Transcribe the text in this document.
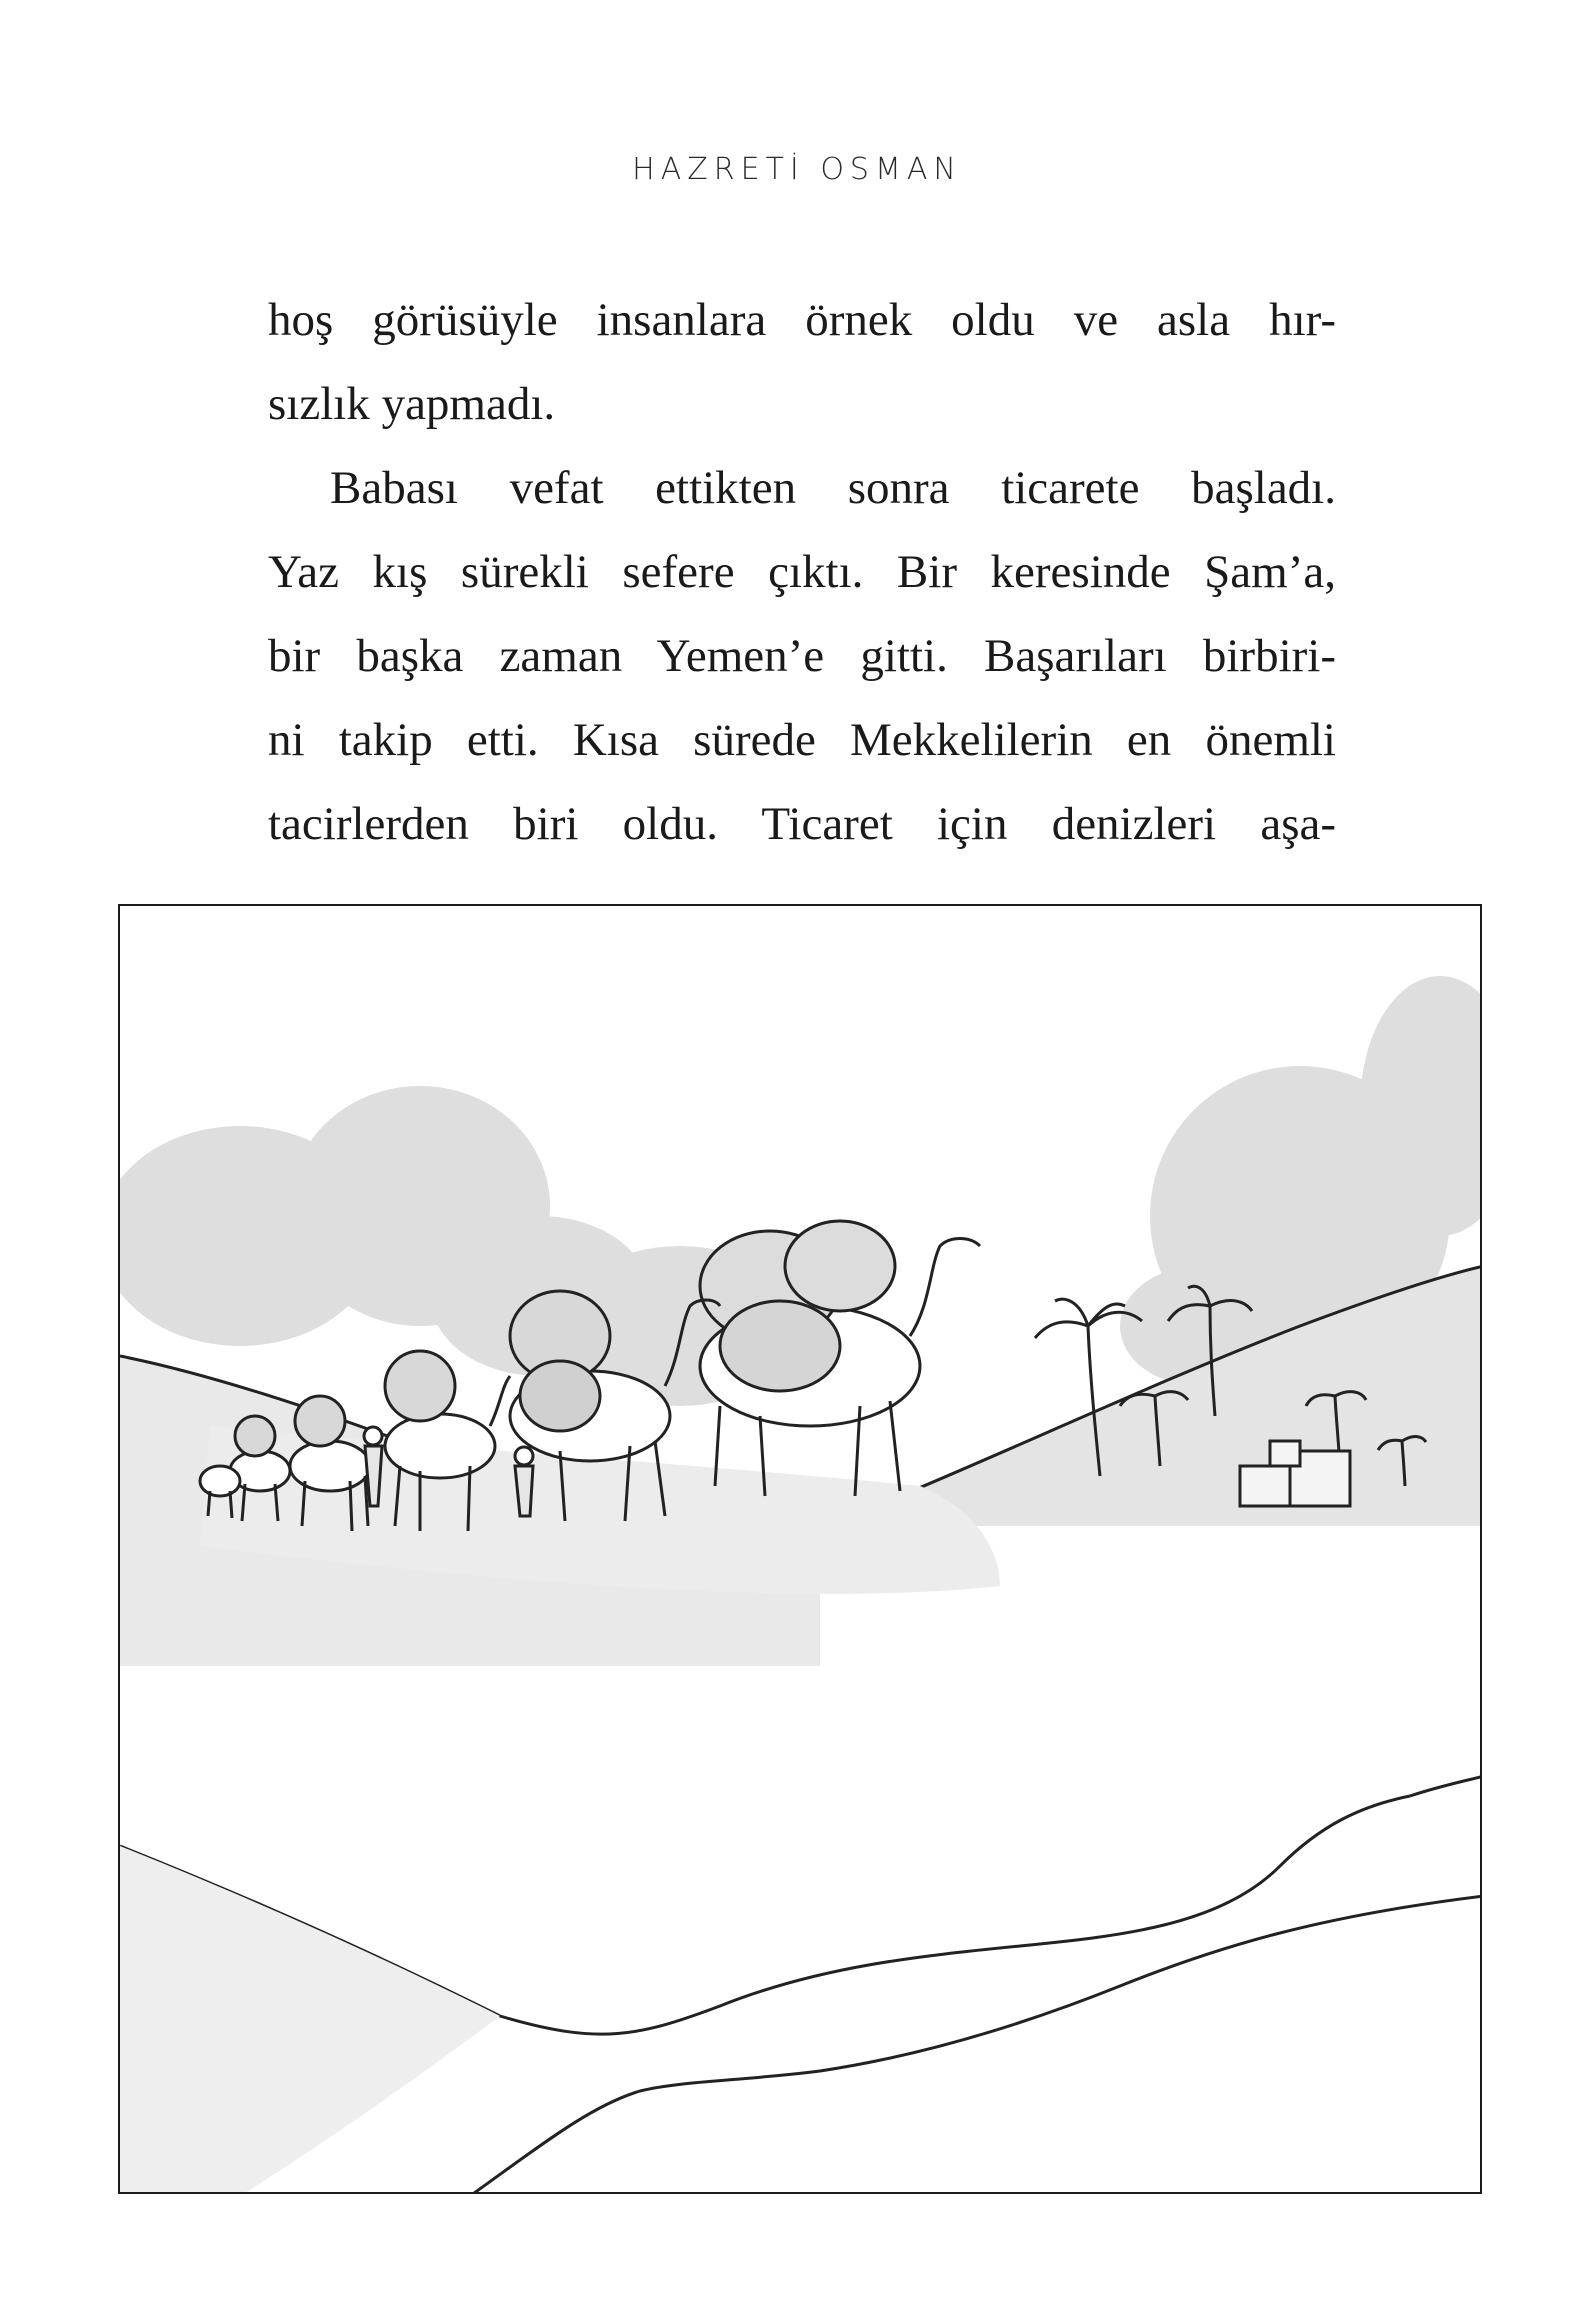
HAZRETİ OSMAN
hoş görüsüyle insanlara örnek oldu ve asla hır-
sızlık yapmadı.
Babası vefat ettikten sonra ticarete başladı.
Yaz kış sürekli sefere çıktı. Bir keresinde Şam’a,
bir başka zaman Yemen’e gitti. Başarıları birbiri-
ni takip etti. Kısa sürede Mekkelilerin en önemli
tacirlerden biri oldu. Ticaret için denizleri aşa-
